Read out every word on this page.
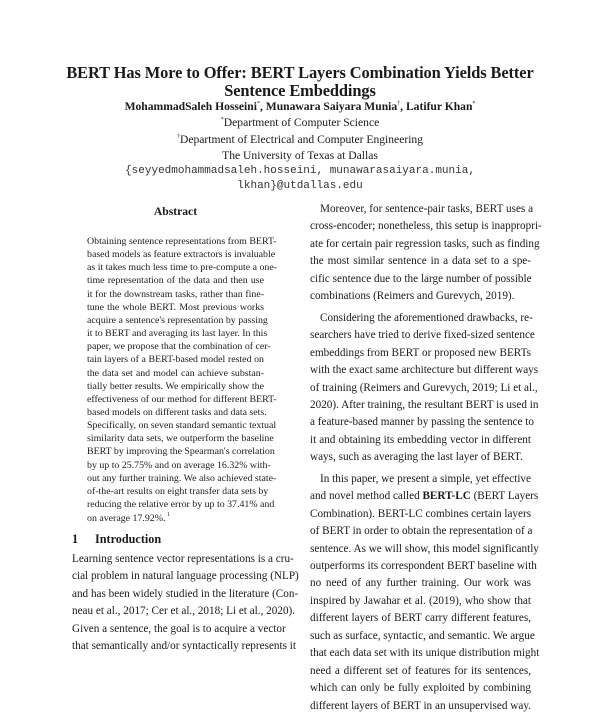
BERT Has More to Offer: BERT Layers Combination Yields Better
Sentence Embeddings
MohammadSaleh Hosseini*, Munawara Saiyara Munia†, Latifur Khan*
*Department of Computer Science
†Department of Electrical and Computer Engineering
The University of Texas at Dallas
{seyyedmohammadsaleh.hosseini, munawarasaiyara.munia,
lkhan}@utdallas.edu
Abstract
Obtaining sentence representations from BERT-
based models as feature extractors is invaluable
as it takes much less time to pre-compute a one-
time representation of the data and then use
it for the downstream tasks, rather than fine-
tune the whole BERT. Most previous works
acquire a sentence's representation by passing
it to BERT and averaging its last layer. In this
paper, we propose that the combination of cer-
tain layers of a BERT-based model rested on
the data set and model can achieve substan-
tially better results. We empirically show the
effectiveness of our method for different BERT-
based models on different tasks and data sets.
Specifically, on seven standard semantic textual
similarity data sets, we outperform the baseline
BERT by improving the Spearman's correlation
by up to 25.75% and on average 16.32% with-
out any further training. We also achieved state-
of-the-art results on eight transfer data sets by
reducing the relative error by up to 37.41% and
on average 17.92%. $^1$
1 Introduction
Learning sentence vector representations is a cru-
cial problem in natural language processing (NLP)
and has been widely studied in the literature (Con-
neau et al., 2017; Cer et al., 2018; Li et al., 2020).
Given a sentence, the goal is to acquire a vector
that semantically and/or syntactically represents it
Moreover, for sentence-pair tasks, BERT uses a
cross-encoder; nonetheless, this setup is inappropri-
ate for certain pair regression tasks, such as finding
the most similar sentence in a data set to a spe-
cific sentence due to the large number of possible
combinations (Reimers and Gurevych, 2019).
Considering the aforementioned drawbacks, re-
searchers have tried to derive fixed-sized sentence
embeddings from BERT or proposed new BERTs
with the exact same architecture but different ways
of training (Reimers and Gurevych, 2019; Li et al.,
2020). After training, the resultant BERT is used in
a feature-based manner by passing the sentence to
it and obtaining its embedding vector in different
ways, such as averaging the last layer of BERT.
In this paper, we present a simple, yet effective
and novel method called BERT-LC (BERT Layers
Combination). BERT-LC combines certain layers
of BERT in order to obtain the representation of a
sentence. As we will show, this model significantly
outperforms its correspondent BERT baseline with
no need of any further training. Our work was
inspired by Jawahar et al. (2019), who show that
different layers of BERT carry different features,
such as surface, syntactic, and semantic. We argue
that each data set with its unique distribution might
need a different set of features for its sentences,
which can only be fully exploited by combining
different layers of BERT in an unsupervised way.
